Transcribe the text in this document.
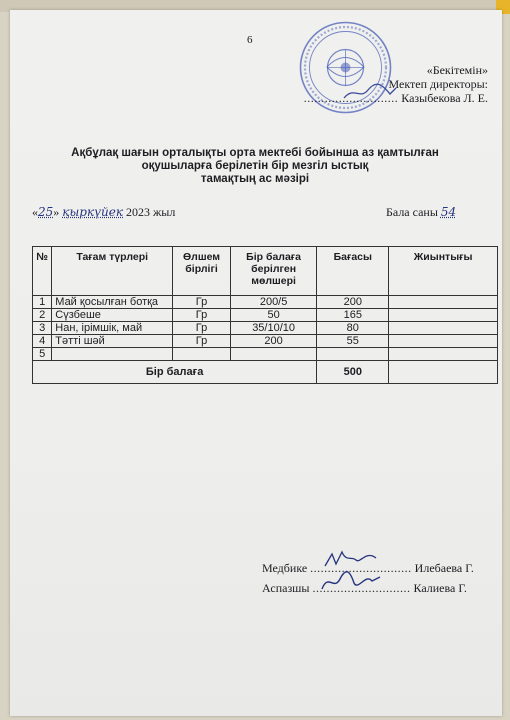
6
«Бекітемін»
Мектеп директоры:
........................... Казыбекова Л. Е.
Ақбұлақ шағын орталықты орта мектебі бойынша аз қамтылған
оқушыларға берілетін бір мезгіл ыстық
тамақтың ас мәзірі
«25» қыркүйек 2023 жыл	Бала саны 54
№	Тағам түрлері	Өлшем бірлігі	Бір балаға берілген мөлшері	Бағасы	Жиынтығы
1	Май қосылған ботқа	Гр	200/5	200	
2	Сүзбеше	Гр	50	165	
3	Нан, ірімшік, май	Гр	35/10/10	80	
4	Тәтті шәй	Гр	200	55	
5					
Бір балаға				500	
Медбике ............................. Илебаева Г.
Аспазшы ............................ Калиева Г.
